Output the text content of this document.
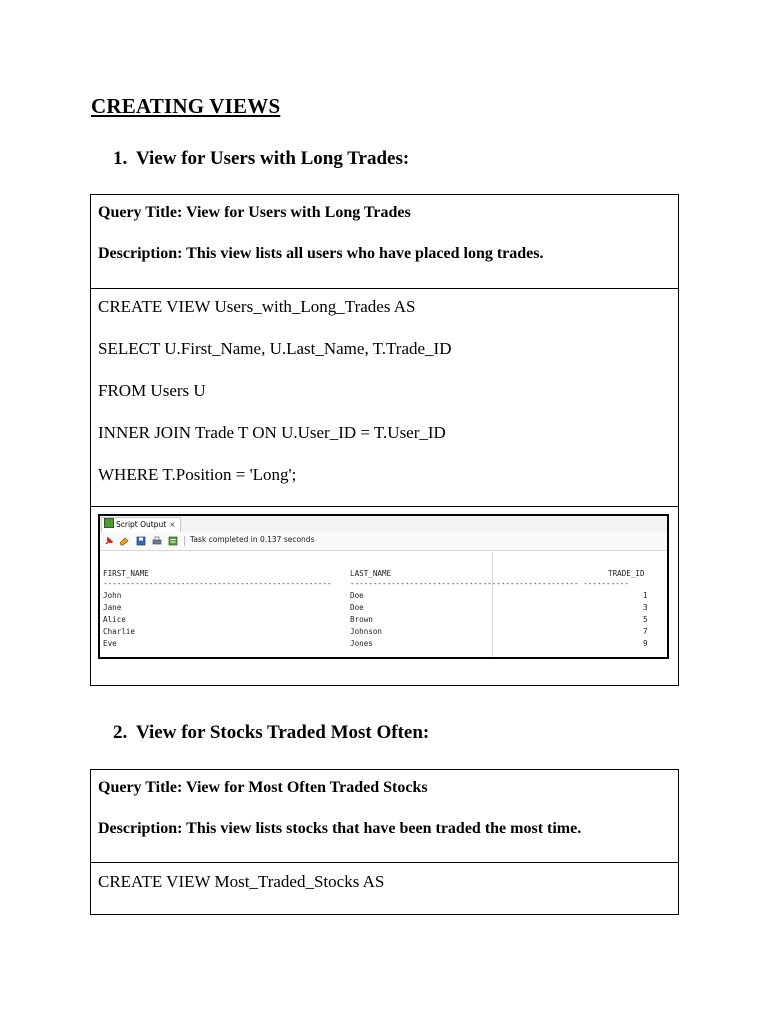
CREATING VIEWS
1. View for Users with Long Trades:
Query Title: View for Users with Long Trades
Description: This view lists all users who have placed long trades.
CREATE VIEW Users_with_Long_Trades AS
SELECT U.First_Name, U.Last_Name, T.Trade_ID
FROM Users U
INNER JOIN Trade T ON U.User_ID = T.User_ID
WHERE T.Position = 'Long';
Script Output ×
Task completed in 0.137 seconds
FIRST_NAME	LAST_NAME	TRADE_ID
-------------------------------------------------- -------------------------------------------------- ----------
John	Doe	1
Jane	Doe	3
Alice	Brown	5
Charlie	Johnson	7
Eve	Jones	9
2. View for Stocks Traded Most Often:
Query Title: View for Most Often Traded Stocks
Description: This view lists stocks that have been traded the most time.
CREATE VIEW Most_Traded_Stocks AS
